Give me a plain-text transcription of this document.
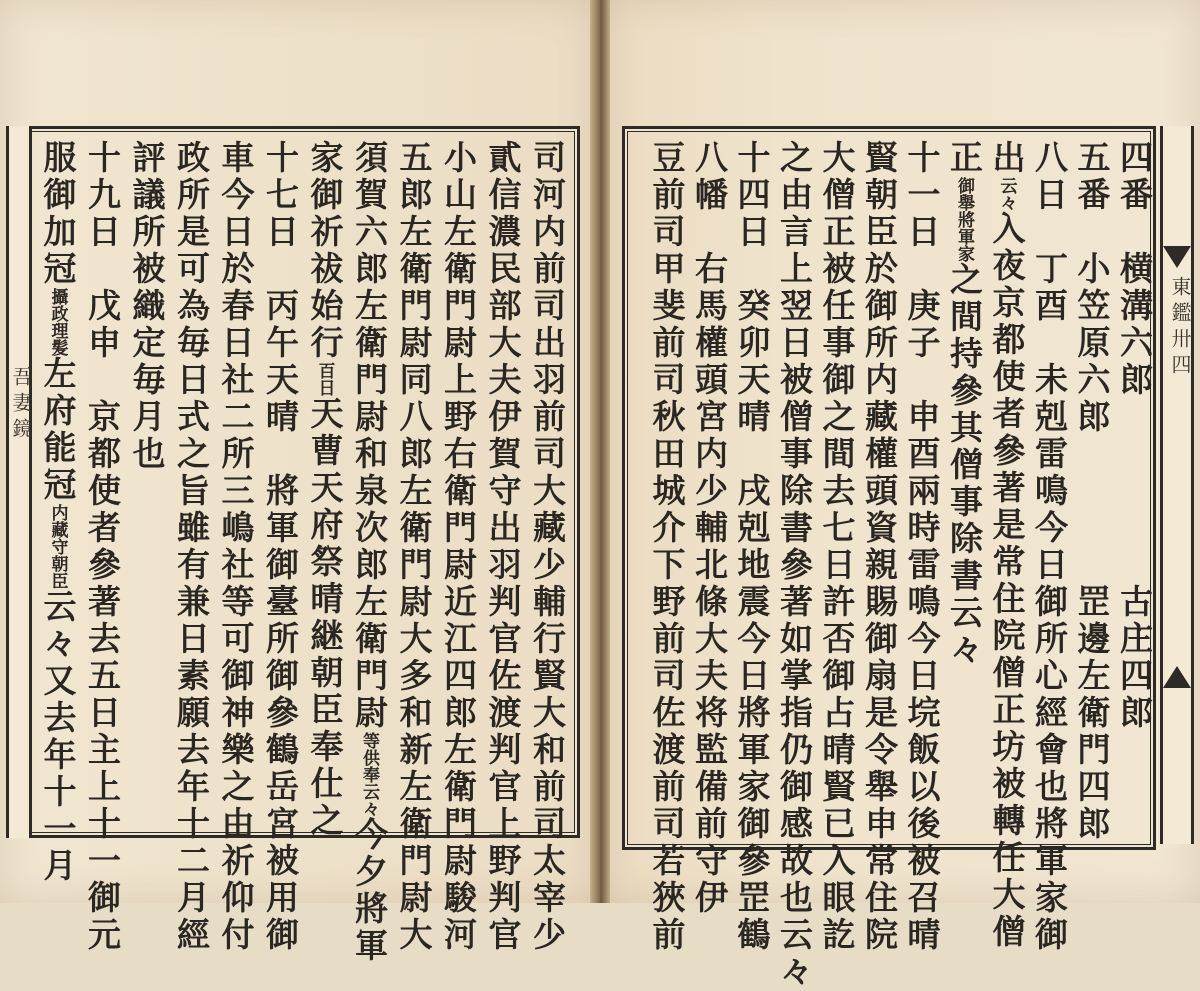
吾妻鏡
東鑑卅四
司河内前司出羽前司大藏少輔行賢大和前司太宰少
貳信濃民部大夫伊賀守出羽判官佐渡判官上野判官
小山左衛門尉上野右衛門尉近江四郎左衛門尉駿河
五郎左衛門尉同八郎左衛門尉大多和新左衛門尉大
須賀六郎左衛門尉和泉次郎左衛門尉等供奉云々今夕將軍
家御祈祓始行百日天曹天府祭晴継朝臣奉仕之
十七日　丙午天晴　將軍御臺所御參鶴岳宮被用御
車今日於春日社二所三嶋社等可御神樂之由祈仰付
政所是可為毎日式之旨雖有兼日素願去年十二月經
評議所被織定毎月也
十九日　戊申　京都使者參著去五日主上十一御元
服御加冠攝政理髪左府能冠内藏守朝臣云々又去年十一月
四番　横溝六郎　　　　　古庄四郎
五番　小笠原六郎　　　　罡邊左衛門四郎
八日　丁酉　未剋雷鳴今日御所心經會也將軍家御
出云々入夜京都使者參著是常住院僧正坊被轉任大僧
正御舉將軍家之間持參其僧事除書云々
十一日　庚子　申酉兩時雷鳴今日垸飯以後被召晴
賢朝臣於御所内藏權頭資親賜御扇是令舉申常住院
大僧正被任事御之間去七日許否御占晴賢已入眼訖
之由言上翌日被僧事除書參著如掌指仍御感故也云々
十四日　癸卯天晴　戌剋地震今日將軍家御參罡鶴
八幡　右馬權頭宮内少輔北條大夫将監備前守伊
豆前司甲斐前司秋田城介下野前司佐渡前司若狹前
